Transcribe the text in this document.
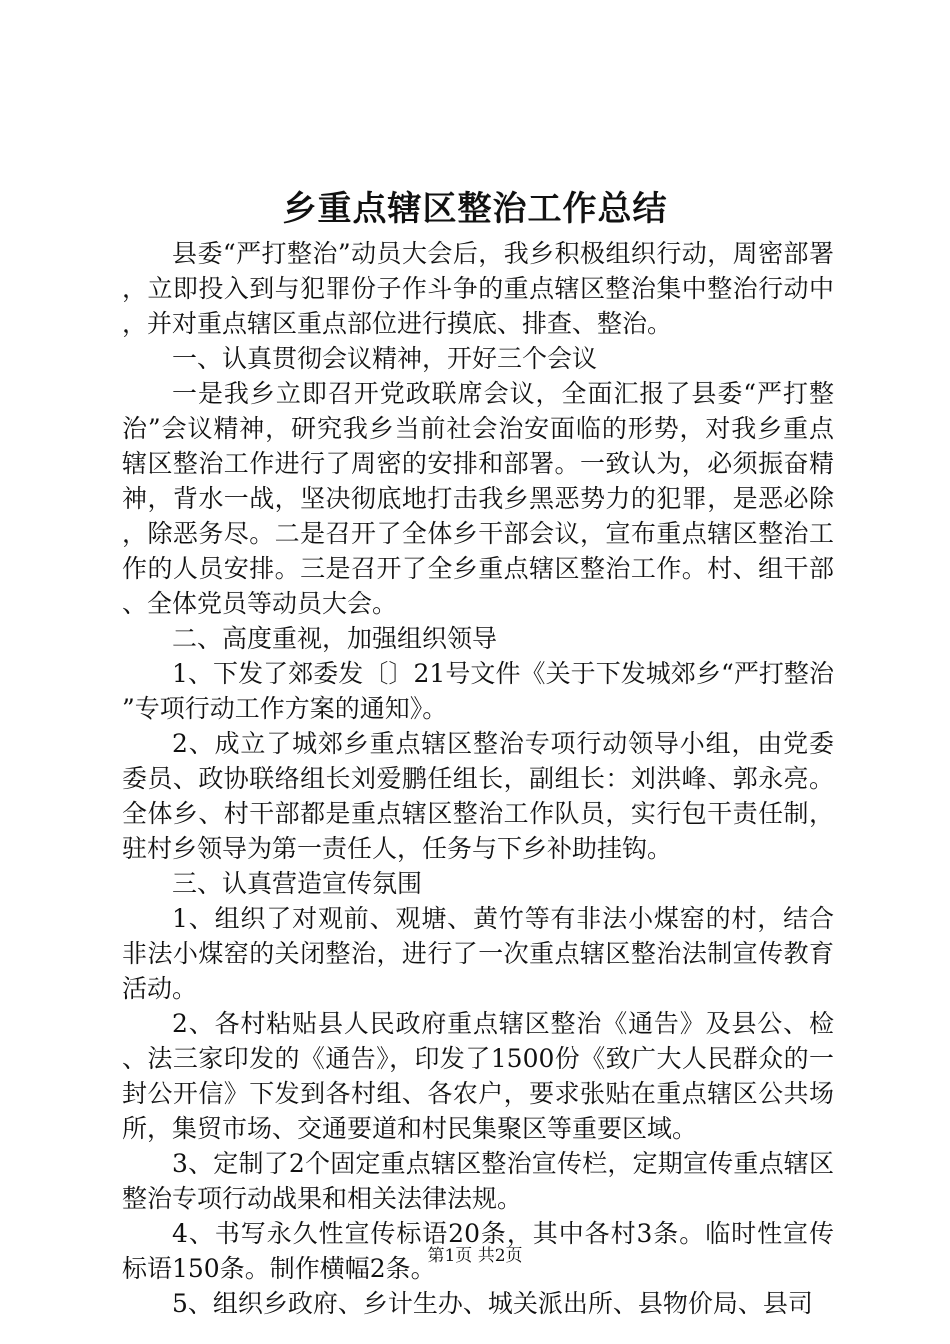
乡重点辖区整治工作总结

县委“严打整治”动员大会后，我乡积极组织行动，周密部署，立即投入到与犯罪份子作斗争的重点辖区整治集中整治行动中，并对重点辖区重点部位进行摸底、排查、整治。

一、认真贯彻会议精神，开好三个会议

一是我乡立即召开党政联席会议，全面汇报了县委“严打整治”会议精神，研究我乡当前社会治安面临的形势，对我乡重点辖区整治工作进行了周密的安排和部署。一致认为，必须振奋精神，背水一战，坚决彻底地打击我乡黑恶势力的犯罪，是恶必除，除恶务尽。二是召开了全体乡干部会议，宣布重点辖区整治工作的人员安排。三是召开了全乡重点辖区整治工作。村、组干部、全体党员等动员大会。

二、高度重视，加强组织领导

1、下发了郊委发〔〕21号文件《关于下发城郊乡“严打整治”专项行动工作方案的通知》。

2、成立了城郊乡重点辖区整治专项行动领导小组，由党委委员、政协联络组长刘爱鹏任组长，副组长：刘洪峰、郭永亮。全体乡、村干部都是重点辖区整治工作队员，实行包干责任制，驻村乡领导为第一责任人，任务与下乡补助挂钩。

三、认真营造宣传氛围

1、组织了对观前、观塘、黄竹等有非法小煤窑的村，结合非法小煤窑的关闭整治，进行了一次重点辖区整治法制宣传教育活动。

2、各村粘贴县人民政府重点辖区整治《通告》及县公、检、法三家印发的《通告》，印发了1500份《致广大人民群众的一封公开信》下发到各村组、各农户，要求张贴在重点辖区公共场所，集贸市场、交通要道和村民集聚区等重要区域。

3、定制了2个固定重点辖区整治宣传栏，定期宣传重点辖区整治专项行动战果和相关法律法规。

4、书写永久性宣传标语20条，其中各村3条。临时性宣传标语150条。制作横幅2条。

5、组织乡政府、乡计生办、城关派出所、县物价局、县司

第1页 共2页
